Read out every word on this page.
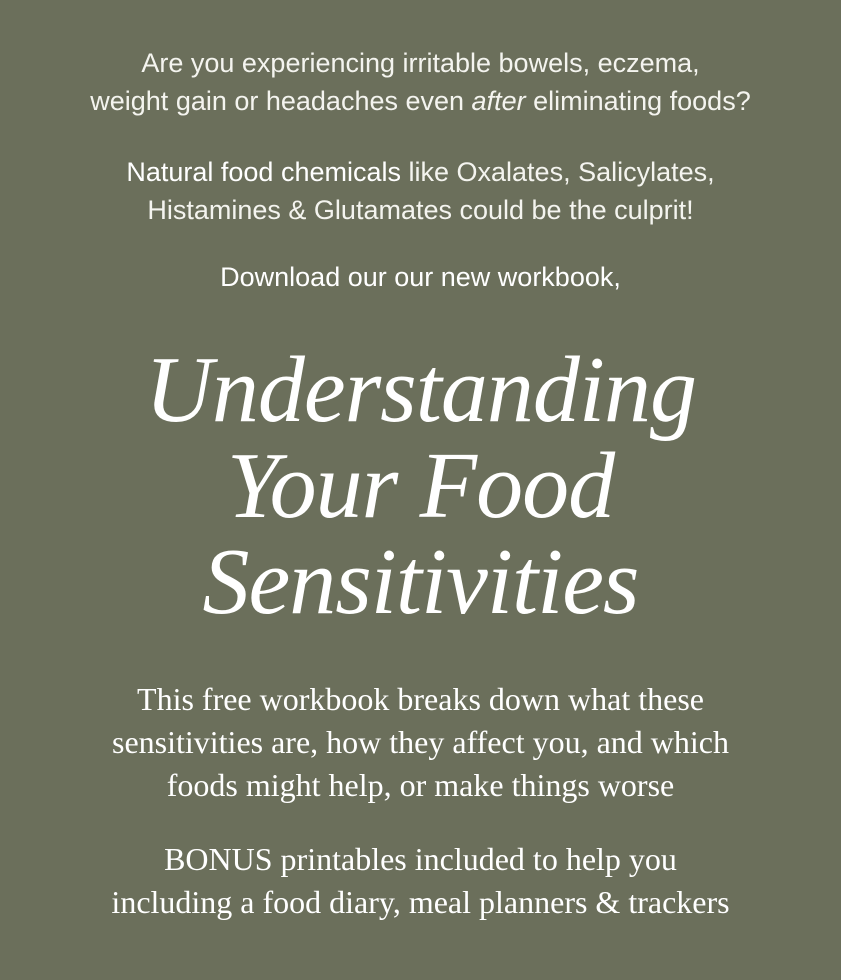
Are you experiencing irritable bowels, eczema,
weight gain or headaches even after eliminating foods?

Natural food chemicals like Oxalates, Salicylates,
Histamines & Glutamates could be the culprit!

Download our our new workbook,

Understanding
Your Food
Sensitivities

This free workbook breaks down what these
sensitivities are, how they affect you, and which
foods might help, or make things worse

BONUS printables included to help you
including a food diary, meal planners & trackers
